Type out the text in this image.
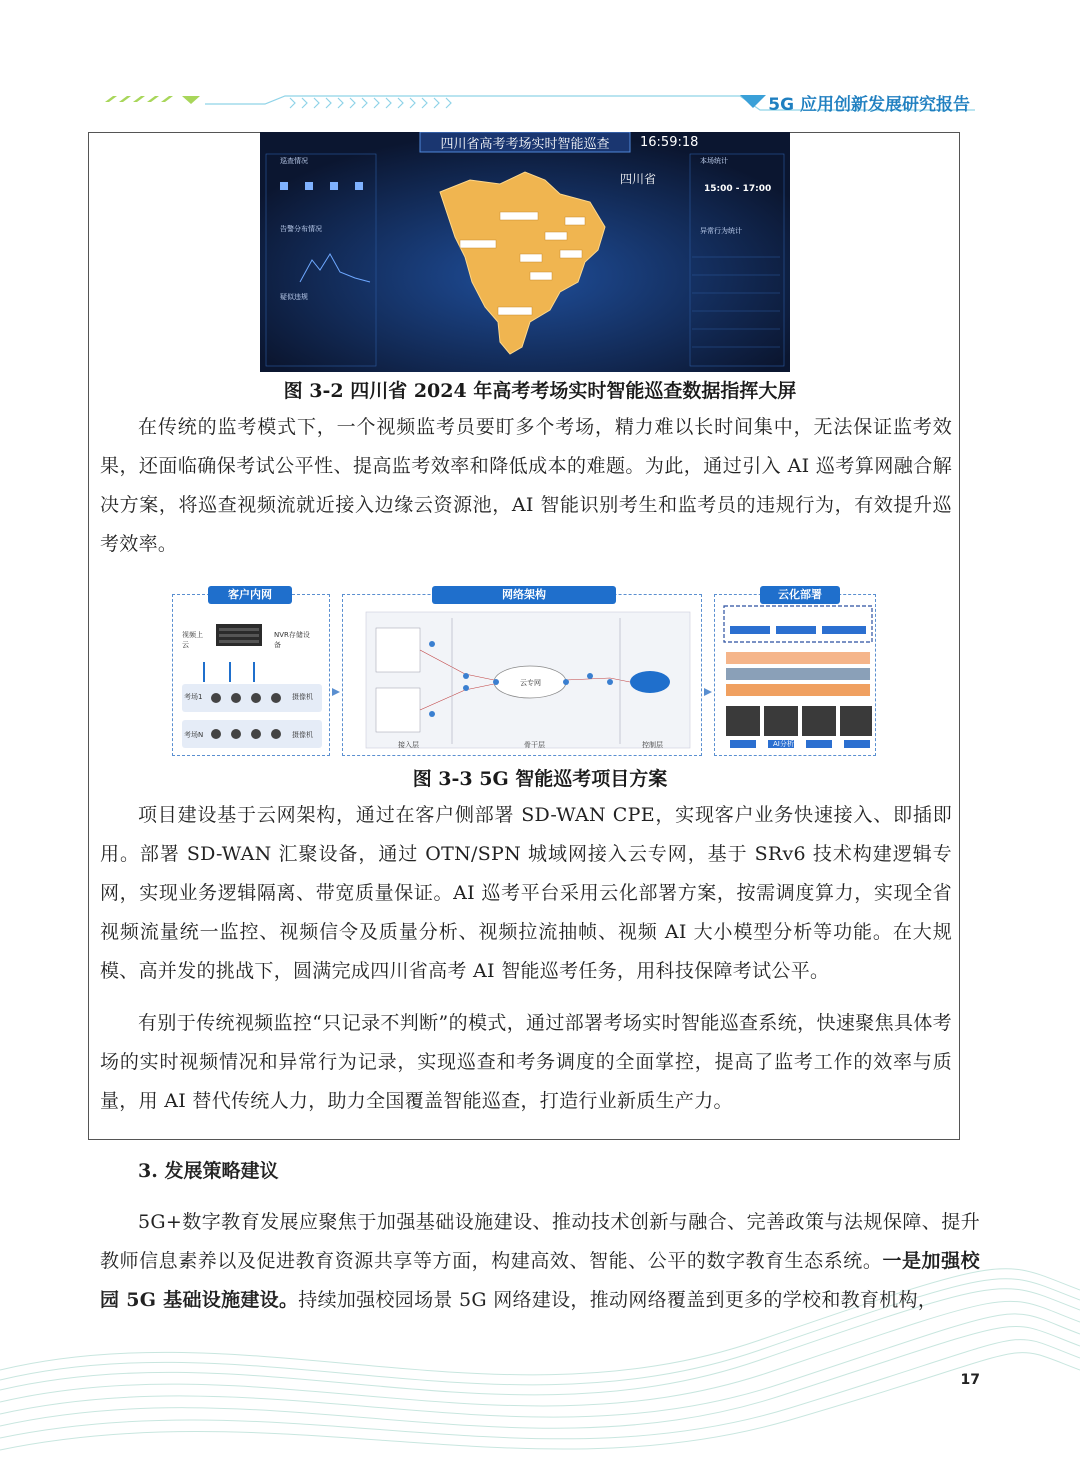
5G 应用创新发展研究报告
四川省高考考场实时智能巡查	16:59:18
四川省
15:00 - 17:00
巡查情况
告警分布情况
疑似违规
本场统计
异常行为统计
图 3-2 四川省 2024 年高考考场实时智能巡查数据指挥大屏

在传统的监考模式下，一个视频监考员要盯多个考场，精力难以长时间集中，无法保证监考效果，还面临确保考试公平性、提高监考效率和降低成本的难题。为此，通过引入 AI 巡考算网融合解决方案，将巡查视频流就近接入边缘云资源池，AI 智能识别考生和监考员的违规行为，有效提升巡考效率。

客户内网	网络架构	云化部署
视频上云
NVR存储设备
考场1	摄像机
考场N	摄像机
云专网
接入层	骨干层	控制层	AI分析
图 3-3 5G 智能巡考项目方案

项目建设基于云网架构，通过在客户侧部署 SD-WAN CPE，实现客户业务快速接入、即插即用。部署 SD-WAN 汇聚设备，通过 OTN/SPN 城域网接入云专网，基于 SRv6 技术构建逻辑专网，实现业务逻辑隔离、带宽质量保证。AI 巡考平台采用云化部署方案，按需调度算力，实现全省视频流量统一监控、视频信令及质量分析、视频拉流抽帧、视频 AI 大小模型分析等功能。在大规模、高并发的挑战下，圆满完成四川省高考 AI 智能巡考任务，用科技保障考试公平。

有别于传统视频监控“只记录不判断”的模式，通过部署考场实时智能巡查系统，快速聚焦具体考场的实时视频情况和异常行为记录，实现巡查和考务调度的全面掌控，提高了监考工作的效率与质量，用 AI 替代传统人力，助力全国覆盖智能巡查，打造行业新质生产力。

3. 发展策略建议

5G+数字教育发展应聚焦于加强基础设施建设、推动技术创新与融合、完善政策与法规保障、提升教师信息素养以及促进教育资源共享等方面，构建高效、智能、公平的数字教育生态系统。一是加强校园 5G 基础设施建设。持续加强校园场景 5G 网络建设，推动网络覆盖到更多的学校和教育机构，

17
